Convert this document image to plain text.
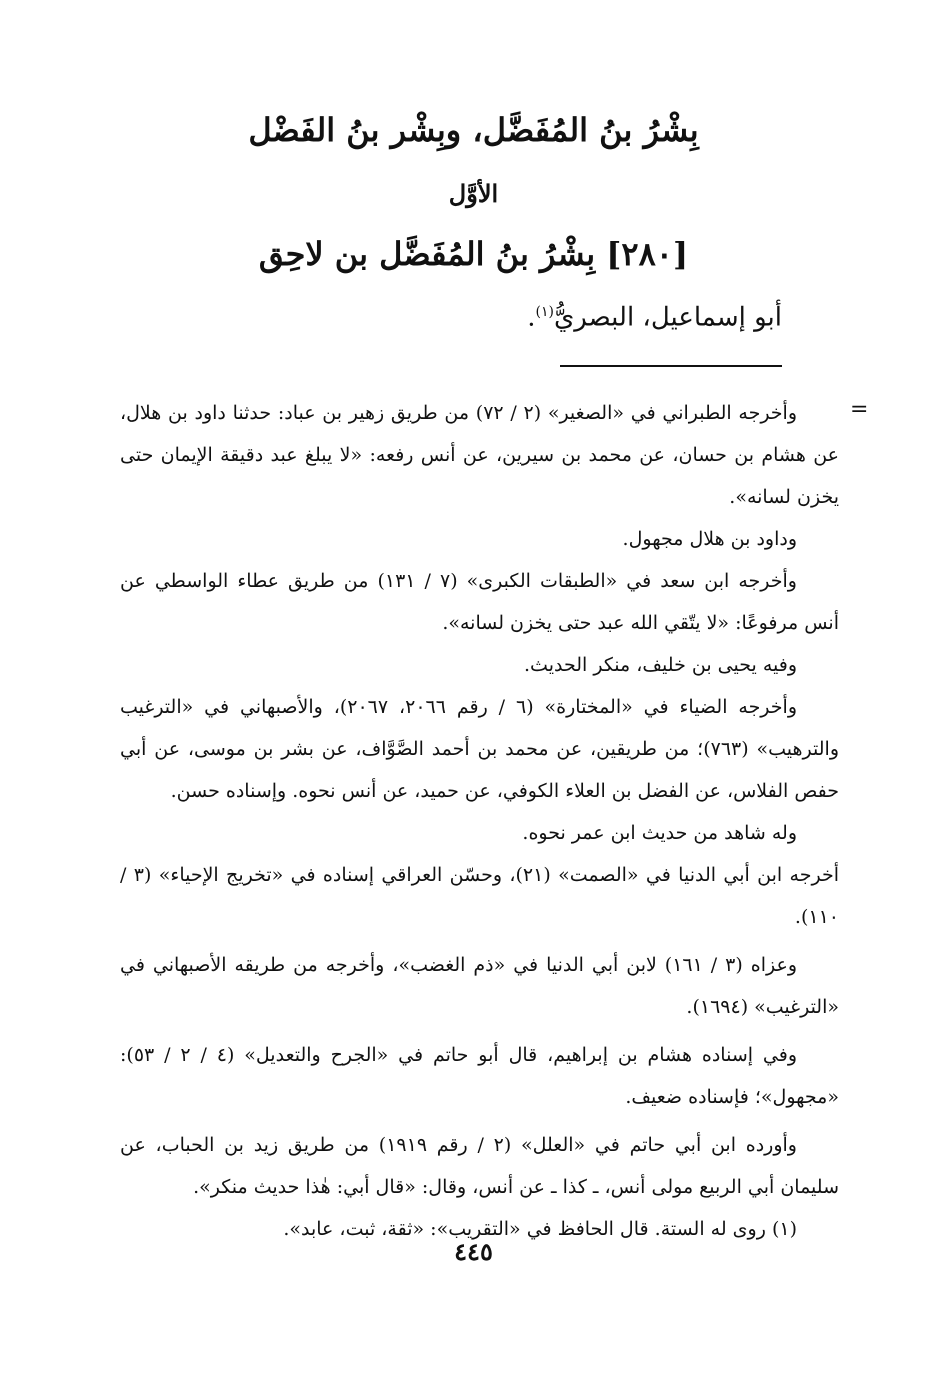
بِشْرُ بنُ المُفَضَّل، وبِشْر بنُ الفَضْل
الأوَّل
[٢٨٠] بِشْرُ بنُ المُفَضَّل بن لاحِق
أبو إسماعيل، البصريُّ$^{(١)}$.
=

وأخرجه الطبراني في «الصغير» (٢ / ٧٢) من طريق زهير بن عباد: حدثنا داود بن هلال، عن هشام بن حسان، عن محمد بن سيرين، عن أنس رفعه: «لا يبلغ عبد دقيقة الإيمان حتى يخزن لسانه».

وداود بن هلال مجهول.

وأخرجه ابن سعد في «الطبقات الكبرى» (٧ / ١٣١) من طريق عطاء الواسطي عن أنس مرفوعًا: «لا يتّقي الله عبد حتى يخزن لسانه».

وفيه يحيى بن خليف، منكر الحديث.

وأخرجه الضياء في «المختارة» (٦ / رقم ٢٠٦٦، ٢٠٦٧)، والأصبهاني في «الترغيب والترهيب» (٧٦٣)؛ من طريقين، عن محمد بن أحمد الصَّوَّاف، عن بشر بن موسى، عن أبي حفص الفلاس، عن الفضل بن العلاء الكوفي، عن حميد، عن أنس نحوه. وإسناده حسن.

وله شاهد من حديث ابن عمر نحوه.

أخرجه ابن أبي الدنيا في «الصمت» (٢١)، وحسّن العراقي إسناده في «تخريج الإحياء» (٣ / ١١٠).

وعزاه (٣ / ١٦١) لابن أبي الدنيا في «ذم الغضب»، وأخرجه من طريقه الأصبهاني في «الترغيب» (١٦٩٤).

وفي إسناده هشام بن إبراهيم، قال أبو حاتم في «الجرح والتعديل» (٤ / ٢ / ٥٣): «مجهول»؛ فإسناده ضعيف.

وأورده ابن أبي حاتم في «العلل» (٢ / رقم ١٩١٩) من طريق زيد بن الحباب، عن سليمان أبي الربيع مولى أنس، ـ كذا ـ عن أنس، وقال: «قال أبي: هٰذا حديث منكر».

(١) روى له الستة. قال الحافظ في «التقريب»: «ثقة، ثبت، عابد».

٤٤٥
